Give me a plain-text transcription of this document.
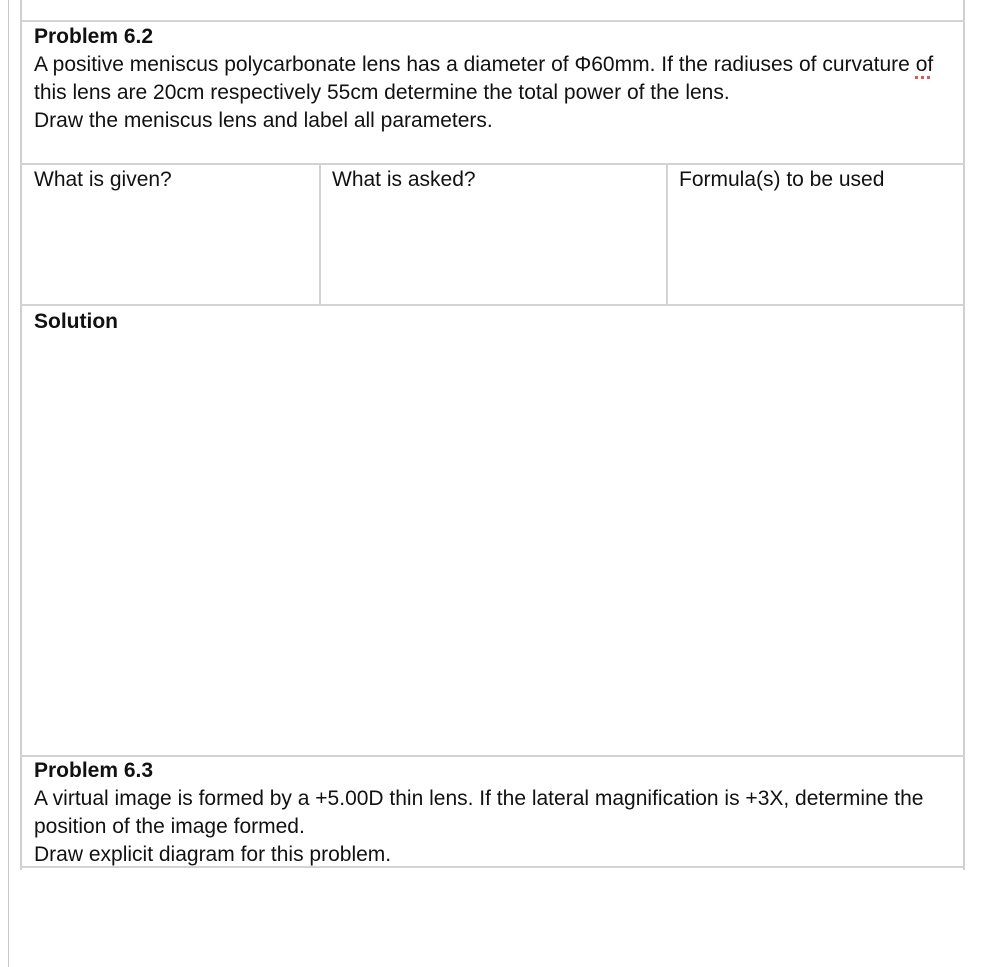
Problem 6.2
A positive meniscus polycarbonate lens has a diameter of Φ60mm. If the radiuses of curvature of this lens are 20cm respectively 55cm determine the total power of the lens.
Draw the meniscus lens and label all parameters.
What is given?	What is asked?	Formula(s) to be used
Solution
Problem 6.3
A virtual image is formed by a +5.00D thin lens. If the lateral magnification is +3X, determine the position of the image formed.
Draw explicit diagram for this problem.
